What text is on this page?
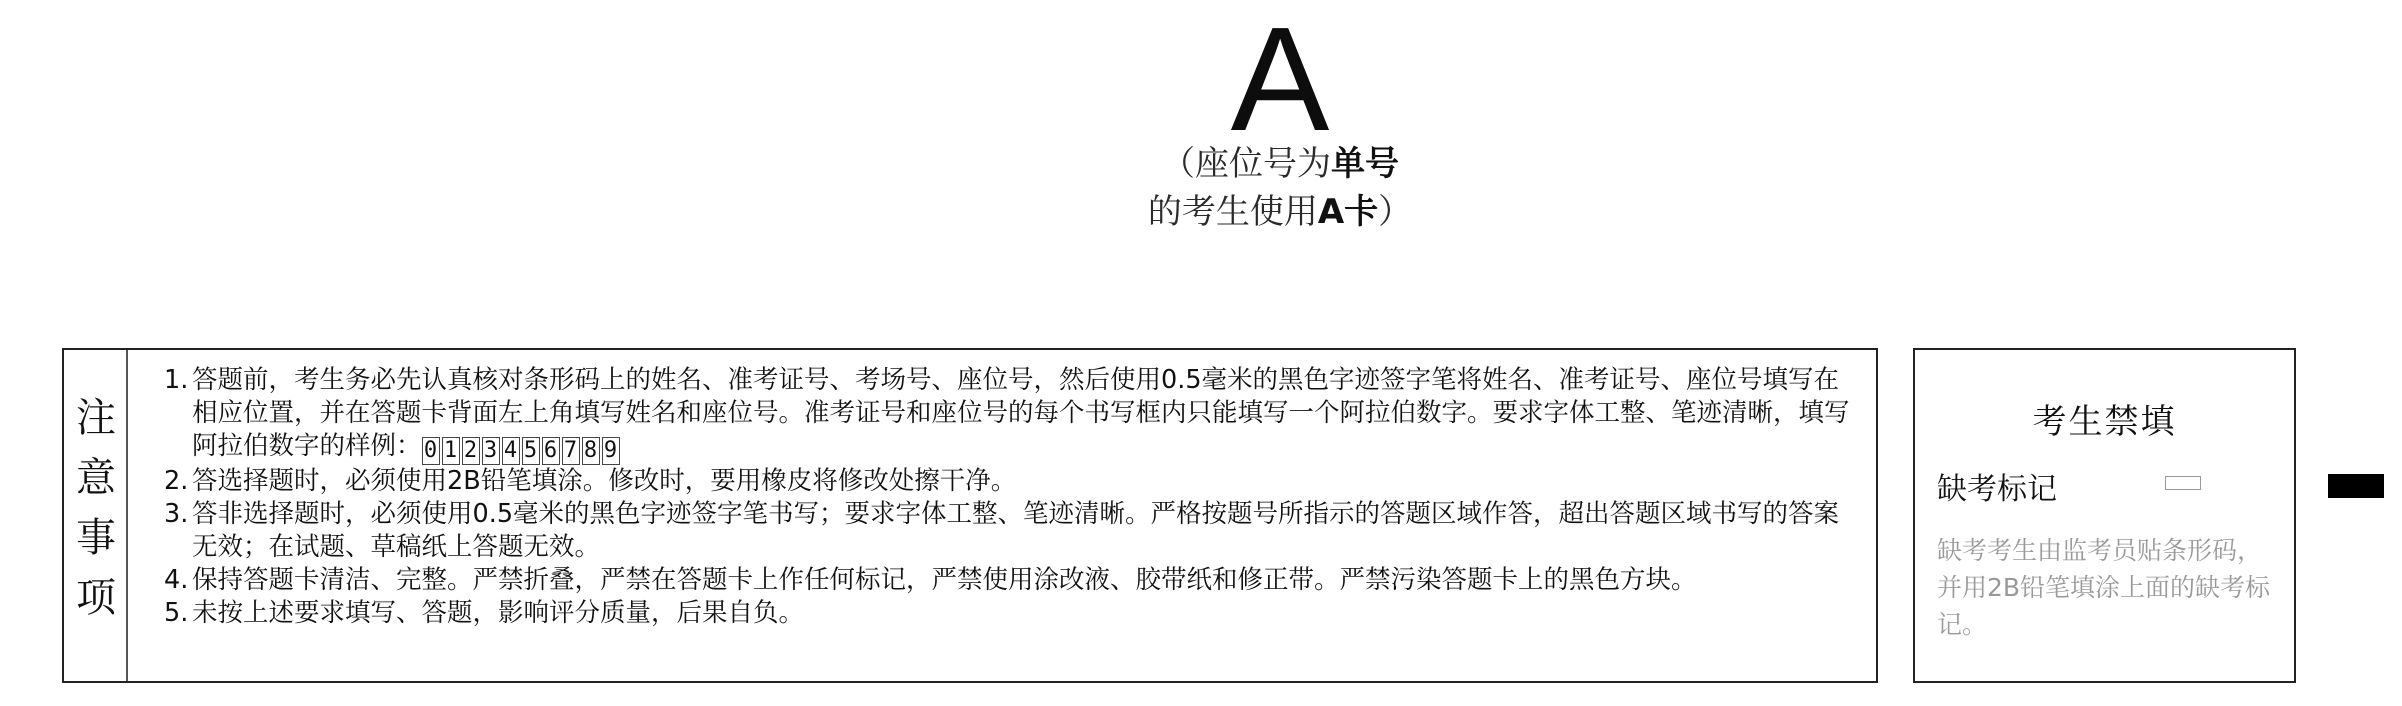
A
（座位号为单号
的考生使用A卡）
注
意
事
项
1. 答题前，考生务必先认真核对条形码上的姓名、准考证号、考场号、座位号，然后使用0.5毫米的黑色字迹签字笔将姓名、准考证号、座位号填写在相应位置，并在答题卡背面左上角填写姓名和座位号。准考证号和座位号的每个书写框内只能填写一个阿拉伯数字。要求字体工整、笔迹清晰，填写阿拉伯数字的样例： 0 1 2 3 4 5 6 7 8 9
2. 答选择题时，必须使用2B铅笔填涂。修改时，要用橡皮将修改处擦干净。
3. 答非选择题时，必须使用0.5毫米的黑色字迹签字笔书写；要求字体工整、笔迹清晰。严格按题号所指示的答题区域作答，超出答题区域书写的答案无效；在试题、草稿纸上答题无效。
4. 保持答题卡清洁、完整。严禁折叠，严禁在答题卡上作任何标记，严禁使用涂改液、胶带纸和修正带。严禁污染答题卡上的黑色方块。
5. 未按上述要求填写、答题，影响评分质量，后果自负。
考生禁填
缺考标记
缺考考生由监考员贴条形码，并用2B铅笔填涂上面的缺考标记。
